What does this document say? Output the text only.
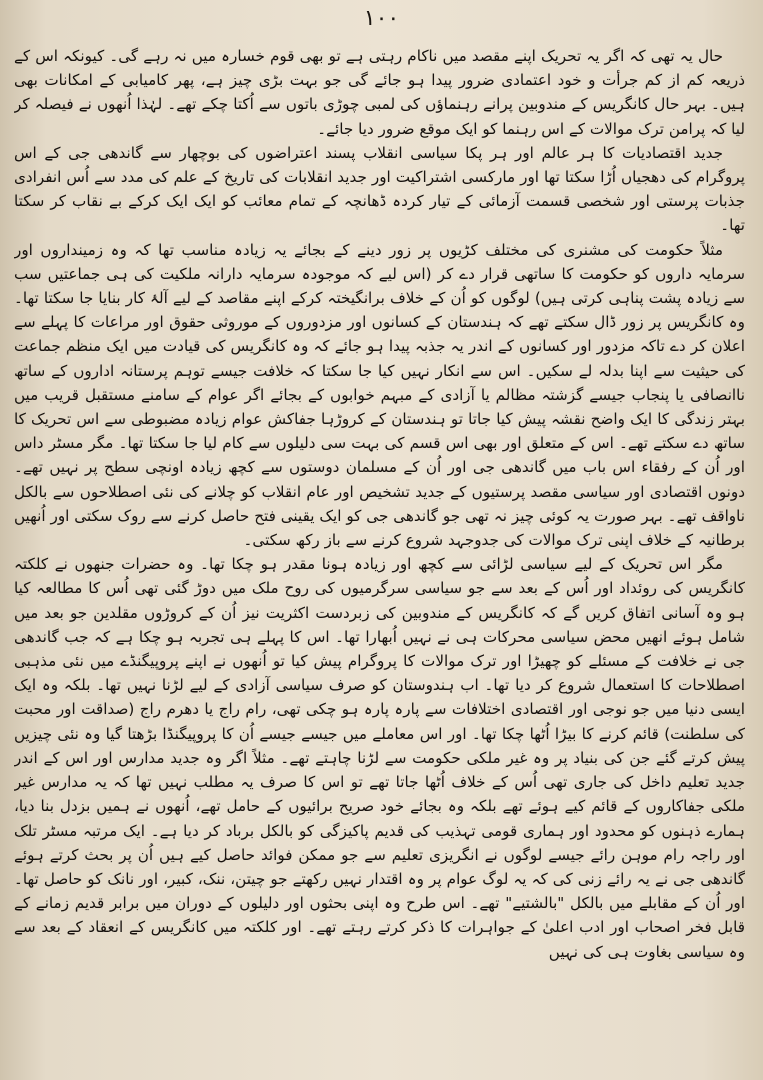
۱۰۰

حال یہ تھی کہ اگر یہ تحریک اپنے مقصد میں ناکام رہتی ہے تو بھی قوم خسارہ میں نہ رہے گی۔ کیونکہ اس کے ذریعہ کم از کم جرأت و خود اعتمادی ضرور پیدا ہو جائے گی جو بہت بڑی چیز ہے، پھر کامیابی کے امکانات بھی ہیں۔ بہر حال کانگریس کے مندوبین پرانے رہنماؤں کی لمبی چوڑی باتوں سے اُکتا چکے تھے۔ لہٰذا اُنھوں نے فیصلہ کر لیا کہ پرامن ترک موالات کے اس رہنما کو ایک موقع ضرور دیا جائے۔

جدید اقتصادیات کا ہر عالم اور ہر پکا سیاسی انقلاب پسند اعتراضوں کی بوچھار سے گاندھی جی کے اس پروگرام کی دھجیاں اُڑا سکتا تھا اور مارکسی اشتراکیت اور جدید انقلابات کی تاریخ کے علم کی مدد سے اُس انفرادی جذبات پرستی اور شخصی قسمت آزمائی کے تیار کردہ ڈھانچہ کے تمام معائب کو ایک ایک کرکے بے نقاب کر سکتا تھا۔

مثلاً حکومت کی مشنری کی مختلف کڑیوں پر زور دینے کے بجائے یہ زیادہ مناسب تھا کہ وہ زمینداروں اور سرمایہ داروں کو حکومت کا ساتھی قرار دے کر (اس لیے کہ موجودہ سرمایہ دارانہ ملکیت کی ہی جماعتیں سب سے زیادہ پشت پناہی کرتی ہیں) لوگوں کو اُن کے خلاف برانگیختہ کرکے اپنے مقاصد کے لیے آلۂ کار بنایا جا سکتا تھا۔ وہ کانگریس پر زور ڈال سکتے تھے کہ ہندستان کے کسانوں اور مزدوروں کے موروثی حقوق اور مراعات کا پہلے سے اعلان کر دے تاکہ مزدور اور کسانوں کے اندر یہ جذبہ پیدا ہو جائے کہ وہ کانگریس کی قیادت میں ایک منظم جماعت کی حیثیت سے اپنا بدلہ لے سکیں۔ اس سے انکار نہیں کیا جا سکتا کہ خلافت جیسے توہم پرستانہ اداروں کے ساتھ ناانصافی یا پنجاب جیسے گزشتہ مظالم یا آزادی کے مبہم خوابوں کے بجائے اگر عوام کے سامنے مستقبل قریب میں بہتر زندگی کا ایک واضح نقشہ پیش کیا جاتا تو ہندستان کے کروڑہا جفاکش عوام زیادہ مضبوطی سے اس تحریک کا ساتھ دے سکتے تھے۔ اس کے متعلق اور بھی اس قسم کی بہت سی دلیلوں سے کام لیا جا سکتا تھا۔ مگر مسٹر داس اور اُن کے رفقاء اس باب میں گاندھی جی اور اُن کے مسلمان دوستوں سے کچھ زیادہ اونچی سطح پر نہیں تھے۔ دونوں اقتصادی اور سیاسی مقصد پرستیوں کے جدید تشخیص اور عام انقلاب کو چلانے کی نئی اصطلاحوں سے بالکل ناواقف تھے۔ بہر صورت یہ کوئی چیز نہ تھی جو گاندھی جی کو ایک یقینی فتح حاصل کرنے سے روک سکتی اور اُنھیں برطانیہ کے خلاف اپنی ترک موالات کی جدوجہد شروع کرنے سے باز رکھ سکتی۔

مگر اس تحریک کے لیے سیاسی لڑائی سے کچھ اور زیادہ ہونا مقدر ہو چکا تھا۔ وہ حضرات جنھوں نے کلکتہ کانگریس کی روئداد اور اُس کے بعد سے جو سیاسی سرگرمیوں کی روح ملک میں دوڑ گئی تھی اُس کا مطالعہ کیا ہو وہ آسانی اتفاق کریں گے کہ کانگریس کے مندوبین کی زبردست اکثریت نیز اُن کے کروڑوں مقلدین جو بعد میں شامل ہوئے انھیں محض سیاسی محرکات ہی نے نہیں اُبھارا تھا۔ اس کا پہلے ہی تجربہ ہو چکا ہے کہ جب گاندھی جی نے خلافت کے مسئلے کو چھیڑا اور ترک موالات کا پروگرام پیش کیا تو اُنھوں نے اپنے پروپیگنڈے میں نئی مذہبی اصطلاحات کا استعمال شروع کر دیا تھا۔ اب ہندوستان کو صرف سیاسی آزادی کے لیے لڑنا نہیں تھا۔ بلکہ وہ ایک ایسی دنیا میں جو نوجی اور اقتصادی اختلافات سے پارہ پارہ ہو چکی تھی، رام راج یا دھرم راج (صداقت اور محبت کی سلطنت) قائم کرنے کا بیڑا اُٹھا چکا تھا۔ اور اس معاملے میں جیسے جیسے اُن کا پروپیگنڈا بڑھتا گیا وہ نئی چیزیں پیش کرتے گئے جن کی بنیاد پر وہ غیر ملکی حکومت سے لڑنا چاہتے تھے۔ مثلاً اگر وہ جدید مدارس اور اس کے اندر جدید تعلیم داخل کی جاری تھی اُس کے خلاف اُٹھا جاتا تھے تو اس کا صرف یہ مطلب نہیں تھا کہ یہ مدارس غیر ملکی جفاکاروں کے قائم کیے ہوئے تھے بلکہ وہ بجائے خود صریح برائیوں کے حامل تھے، اُنھوں نے ہمیں بزدل بنا دیا، ہمارے ذہنوں کو محدود اور ہماری قومی تہذیب کی قدیم پاکیزگی کو بالکل برباد کر دیا ہے۔ ایک مرتبہ مسٹر تلک اور راجہ رام موہن رائے جیسے لوگوں نے انگریزی تعلیم سے جو ممکن فوائد حاصل کیے ہیں اُن پر بحث کرتے ہوئے گاندھی جی نے یہ رائے زنی کی کہ یہ لوگ عوام پر وہ اقتدار نہیں رکھتے جو چیتن، ننک، کبیر، اور نانک کو حاصل تھا۔ اور اُن کے مقابلے میں بالکل "بالشتیے" تھے۔ اس طرح وہ اپنی بحثوں اور دلیلوں کے دوران میں برابر قدیم زمانے کے قابل فخر اصحاب اور ادب اعلیٰ کے جواہرات کا ذکر کرتے رہتے تھے۔ اور کلکتہ میں کانگریس کے انعقاد کے بعد سے وہ سیاسی بغاوت ہی کی نہیں
